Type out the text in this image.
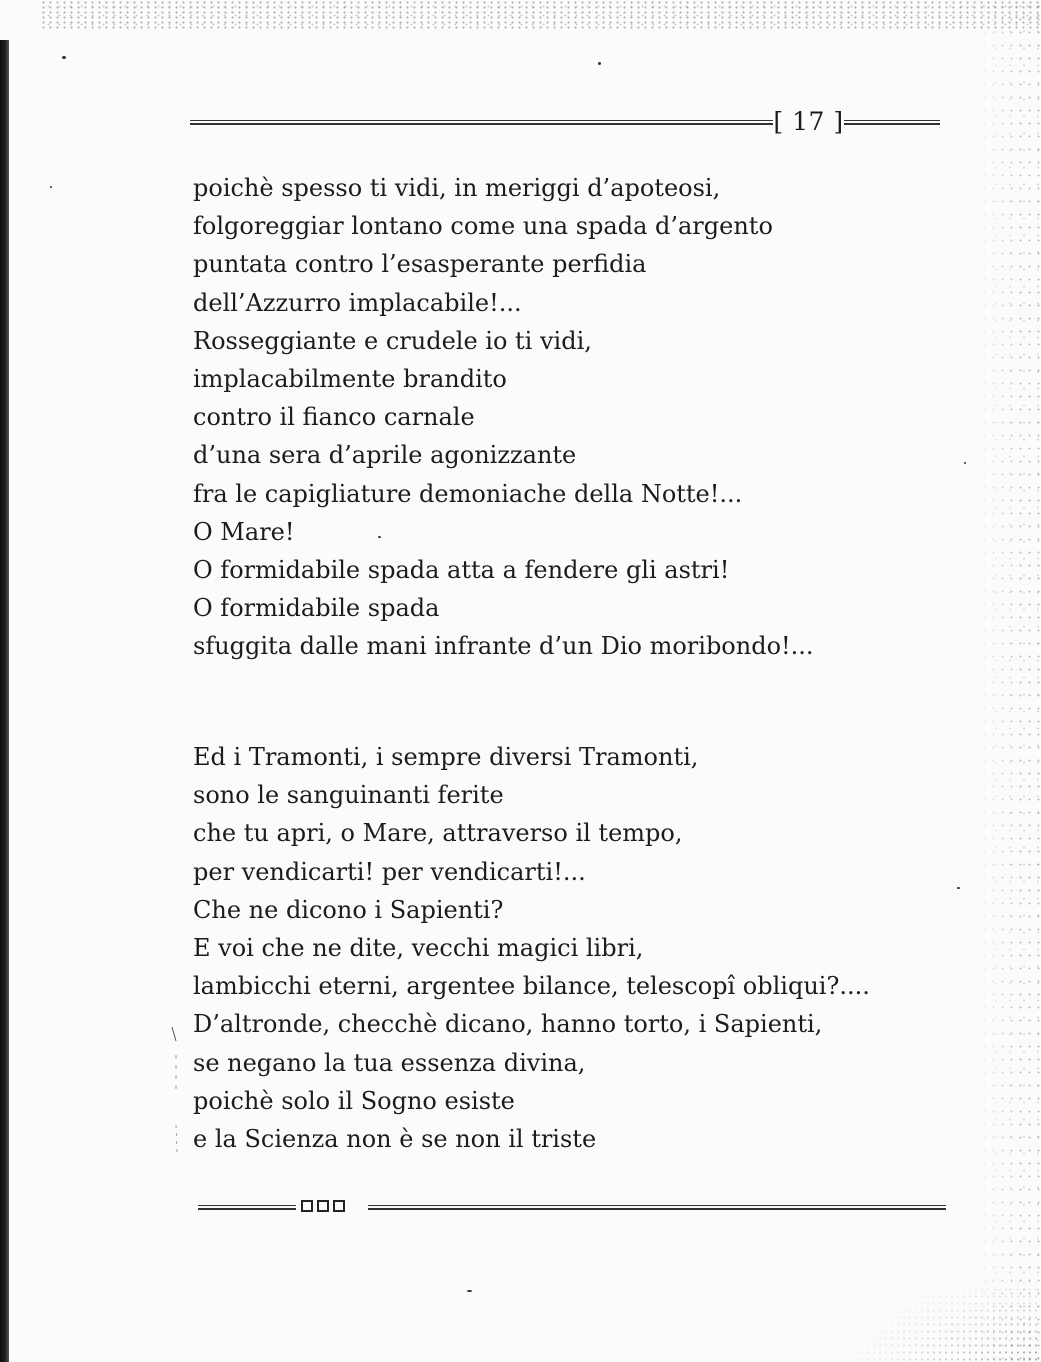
[ 17 ]
poichè spesso ti vidi, in meriggi d’apoteosi,
folgoreggiar lontano come una spada d’argento
puntata contro l’esasperante perfidia
dell’Azzurro implacabile!...
Rosseggiante e crudele io ti vidi,
implacabilmente brandito
contro il fianco carnale
d’una sera d’aprile agonizzante
fra le capigliature demoniache della Notte!...
O Mare!
O formidabile spada atta a fendere gli astri!
O formidabile spada
sfuggita dalle mani infrante d’un Dio moribondo!...
Ed i Tramonti, i sempre diversi Tramonti,
sono le sanguinanti ferite
che tu apri, o Mare, attraverso il tempo,
per vendicarti! per vendicarti!...
Che ne dicono i Sapienti?
E voi che ne dite, vecchi magici libri,
lambicchi eterni, argentee bilance, telescopî obliqui?....
D’altronde, checchè dicano, hanno torto, i Sapienti,
se negano la tua essenza divina,
poichè solo il Sogno esiste
e la Scienza non è se non il triste
